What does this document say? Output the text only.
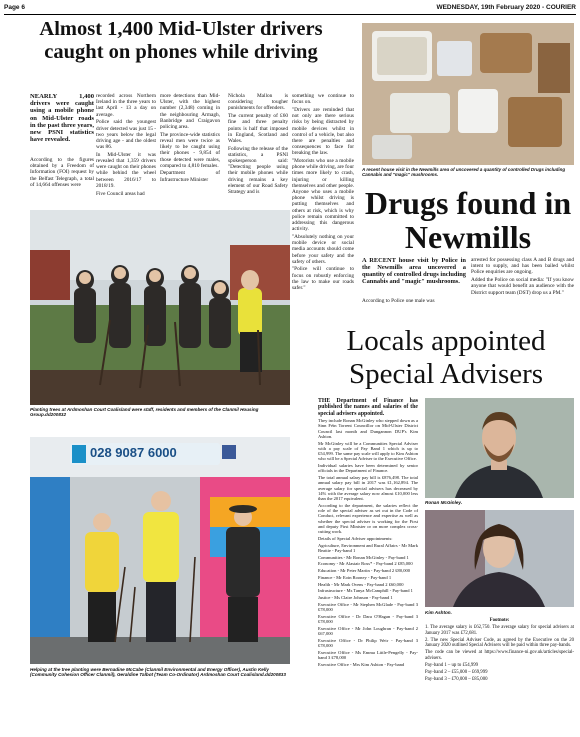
Page 6	WEDNESDAY, 19th February 2020 - COURIER
Almost 1,400 Mid-Ulster drivers caught on phones while driving
NEARLY 1,400 drivers were caught using a mobile phone on Mid-Ulster roads in the past three years, new PSNI statistics have revealed.

According to the figures obtained by a Freedom of Information (FOI) request by the Belfast Telegraph, a total of 14,664 offenses were

recorded across Northern Ireland in the three years to last April - 13 a day on average.

Police said the youngest driver detected was just 15 - two years below the legal driving age - and the oldest was 86.

In Mid-Ulster it was revealed that 1,359 drivers were caught on their phones while behind the wheel between 2016/17 to 2018/19.

Five Council areas had

more detections than Mid-Ulster, with the highest number (2,348) coming in the neighbouring Armagh, Banbridge and Craigavon policing area.

The province-wide statistics reveal men were twice as likely to be caught using their phones - 9,854 of those detected were males, compared to 4,810 females.

Department of Infrastructure Minister

Nichola Mallon is considering tougher punishments for offenders.

The current penalty of £60 fine and three penalty points is half that imposed in England, Scotland and Wales.

Following the release of the statistics, a PSNI spokesperson said: "Detecting people using their mobile phones while driving remains a key element of our Road Safety Strategy and is

something we continue to focus on.

"Drivers are reminded that not only are there serious risks by being distracted by mobile devices whilst in control of a vehicle, but also there are penalties and consequences to face for breaking the law.

"Motorists who use a mobile phone while driving, are four times more likely to crash, injuring or killing themselves and other people. Anyone who uses a mobile phone whilst driving is putting themselves and others at risk, which is why police remain committed to addressing this dangerous activity.

"Absolutely nothing on your mobile device or social media accounts should come before your safety and the safety of others.

"Police will continue to focus on robustly enforcing the law to make our roads safer."

Planting trees at Ardmoshan Court Coalisland were staff, residents and members of the Clanmil Housing Group.dd200832
028 9087 6000
Helping at the tree planting were Bernadine McCabe (Clanmil Environmental and Energy Officer), Austin Kelly (Community Cohesion Officer Clanmil), Geraldine Talbot (Team Co-Ordinator) Ardmoshan Court Coalisland.dd200833
A recent house visit in the Newmills area of uncovered a quantity of controlled Drugs including Cannabis and "magic" mushrooms.
Drugs found in Newmills
A RECENT house visit by Police in the Newmills area uncovered a quantity of controlled drugs including Cannabis and "magic" mushrooms.

According to Police one male was

arrested for possessing class A and B drugs and intent to supply, and has been bailed whilst Police enquiries are ongoing.

Added the Police on social media: "If you know anyone that would benefit an audience with the District support team (DST) drop us a PM."

Locals appointed Special Advisers
THE Department of Finance has published the names and salaries of the special advisers appointed.

They include Ronan McGinley who stepped down as a Sinn Féin Torrent Councillor on Mid-Ulster District Council last month and Dungannon DUP's Kim Ashton.

Mr McGinley will be a Communities Special Adviser with a pay scale of Pay Band 1 which is up to £54,999. The same pay scale will apply to Kim Ashton who will be a Special Adviser to the Executive Office.

Individual salaries have been determined by senior officials in the Department of Finance.

The total annual salary pay bill is £876,498. The total annual salary pay bill in 2017 was £1,162,894. The average salary for special advisers has decreased by 14% with the average salary now almost £10,000 less than the 2017 equivalent.

According to the department, the salaries reflect the role of the special adviser as set out in the Code of Conduct, relevant experience and expertise as well as whether the special adviser is working for the First and deputy First Minister or on more complex cross-cutting work.

Details of Special Adviser appointments:

Agriculture, Environment and Rural Affairs - Mr Mark Beattie - Pay-band 1

Communities - Mr Ronan McGinley - Pay-band 1

Economy - Mr Alastair Ross* - Pay-band 2 £85,000

Education - Mr Peter Martin - Pay-band 2 £80,000

Finance - Mr Eoin Rooney - Pay-band 1

Health - Mr Mark Ovens - Pay-band 2 £60,000

Infrastructure - Ms Tanya McCamphill - Pay-band 1

Justice - Ms Claire Johnson - Pay-band 1

Executive Office - Mr Stephen McGlade - Pay-band 3 £78,000

Executive Office - Dr Dara O'Hagan - Pay-band 3 £78,000

Executive Office - Mr John Loughran - Pay-band 2 £67,000

Executive Office - Dr Philip Weir - Pay-band 3 £78,000

Executive Office - Ms Emma Little-Pengelly - Pay-band 3 £78,000

Executive Office - Mrs Kim Ashton - Pay-band

Ronan McGinley.
Kim Ashton.

Footnote:

1. The average salary is £62,750. The average salary for special advisers at January 2017 was £72,681.

2. The new Special Adviser Code, as agreed by the Executive on the 20 January 2020 outlined Special Advisers will be paid within three pay-bands.

The code can be viewed at https://www.finance-ni.gov.uk/articles/special-advisers.

Pay-band 1 – up to £54,999

Pay-band 2 – £55,000 – £69,999

Pay-band 3 – £70,000 – £85,000
